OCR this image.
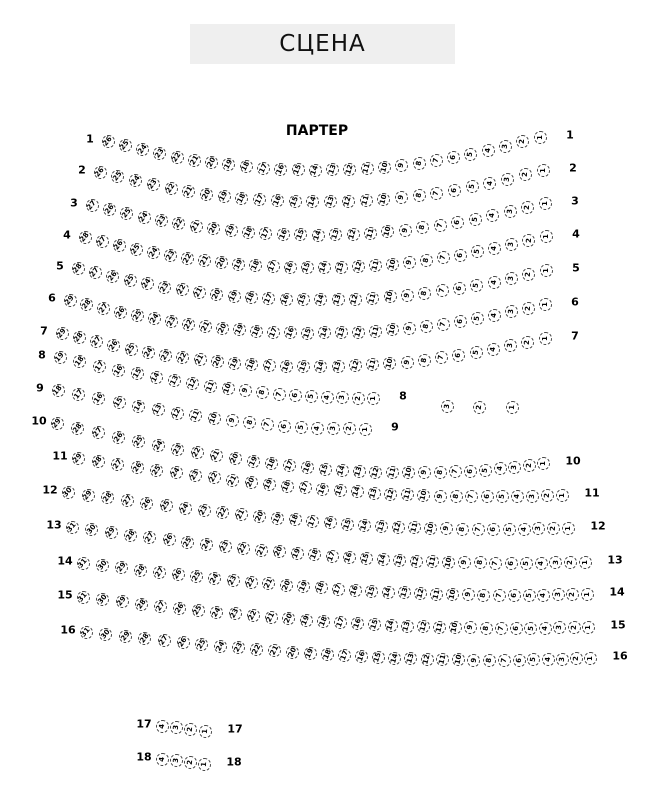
СЦЕНА
ПАРТЕР
1	1
26 25 24 23 22 21 20 19 18 17 16 15 14 13 12 11 10 9 8 7 6
5
4
3
2
1
2	2
26 25 24 23 22 21 20 19 18 17 16 15 14 13 12 11 10 9 8 7 6
5
4
3
2
1
3	3
27 26 25 24 23 22 21 20 19 18 17 16 15 14 13 12 11 10 9 8 7 6
5
4
3
2
1
4	4
28 27 26 25 24 23 22 21 20 19 18 17 16 15 14 13 12 11 10 9 8 7 6
5
4
3
2
1
5	5
28 27 26 25 24 23 22 21 20 19 18 17 16 15 14 13 12 11 10 9 8 7 6
5
4
3
2
1
6	6
29 28 27 26 25 24 23 22 21 20 19 18 17 16 15 14 13 12 11 10 9 8 7 6 5
4
3
2
1
7	7
29 28 27 26 25 24 23 22 21 20 19 18 17 16 15 14 13 12 11 10 9 8 7 6 5
4
3
2
1
8
8
19 18 17 16 15 14 13 12 11 10 9 8 7 6 5 4 3 2 1
9
9
18 17 16 15 14 13 12 11 10 9 8 7 6 5 4 3 2 1
10
10
29 28 27 26 25 24 23 22 21 20 19 18 17 16 15 14 13 12 11 10 9 8 7 6 5 4 3 2 1
11
11
29 28 27 26 25 24 23 22 21 20 19 18 17 16 15 14 13 12 11 10 9 8 7 6 5 4 3 2 1
12
12
30 29 28 27 26 25 24 23 22 21 20 19 18 17 16 15 14 13 12 11 10 9 8 7 6 5 4 3 2 1
13
13
31 30 29 28 27 26 25 24 23 22 21 20 19 18 17 16 15 14 13 12 11 10 9 8 7 6 5 4 3 2 1
14
14
31 30 29 28 27 26 25 24 23 22 21 20 19 18 17 16 15 14 13 12 11 10 9 8 7 6 5 4 3 2 1
15
15
31 30 29 28 27 26 25 24 23 22 21 20 19 18 17 16 15 14 13 12 11 10 9 8 7 6 5 4 3 2 1
16
16
31 30 29 28 27 26 25 24 23 22 21 20 19 18 17 16 15 14 13 12 11 10 9 8 7 6 5 4 3 2 1
17	17
4 3 2 1
18	18
4 3 2 1
3	2	1
